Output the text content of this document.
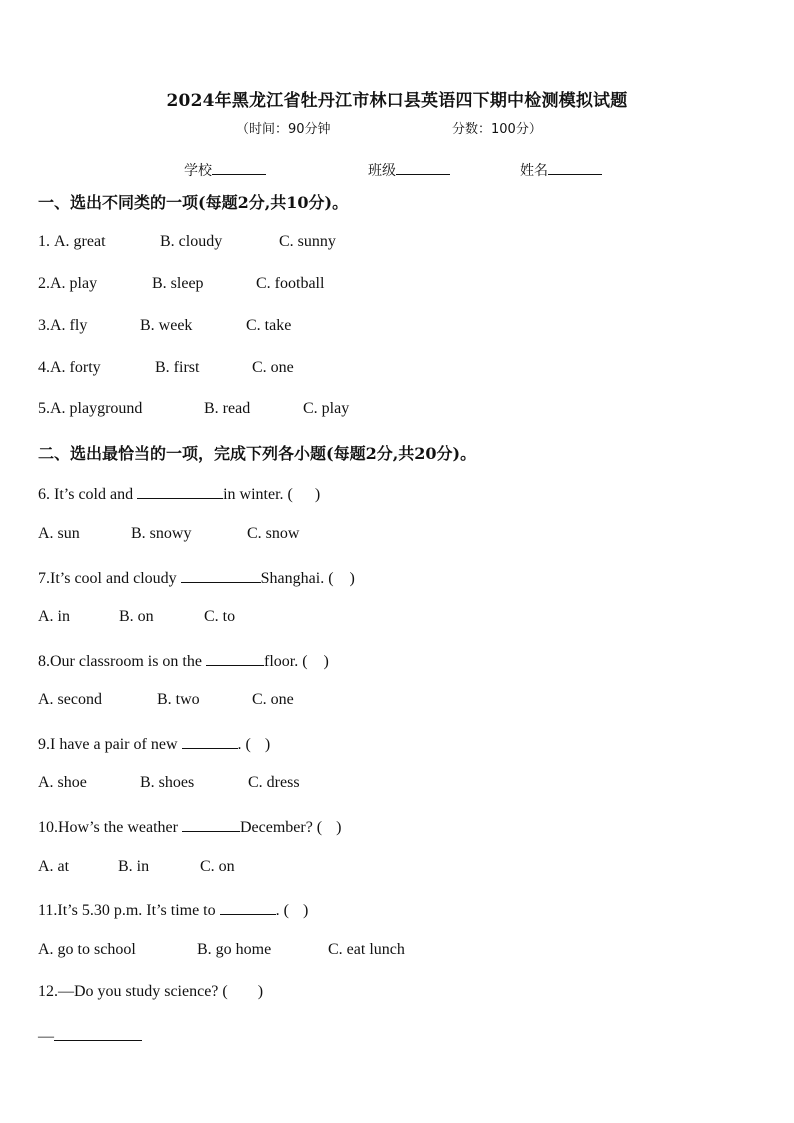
2024年黑龙江省牡丹江市林口县英语四下期中检测模拟试题
（时间：90分钟	分数：100分）
学校	班级	姓名
一、选出不同类的一项(每题2分,共10分)。
1. A. great	B. cloudy	C. sunny
2.A. play	B. sleep	C. football
3.A. fly	B. week	C. take
4.A. forty	B. first	C. one
5.A. playground	B. read	C. play
二、选出最恰当的一项，完成下列各小题(每题2分,共20分)。
6. It’s cold and	in winter. ( )
A. sun	B. snowy	C. snow
7.It’s cool and cloudy	Shanghai. ( )
A. in	B. on	C. to
8.Our classroom is on the	floor. ( )
A. second	B. two	C. one
9.I have a pair of new	. ( )
A. shoe	B. shoes	C. dress
10.How’s the weather	December? ( )
A. at	B. in	C. on
11.It’s 5.30 p.m. It’s time to	. ( )
A. go to school	B. go home	C. eat lunch
12.—Do you study science? ( )
—
